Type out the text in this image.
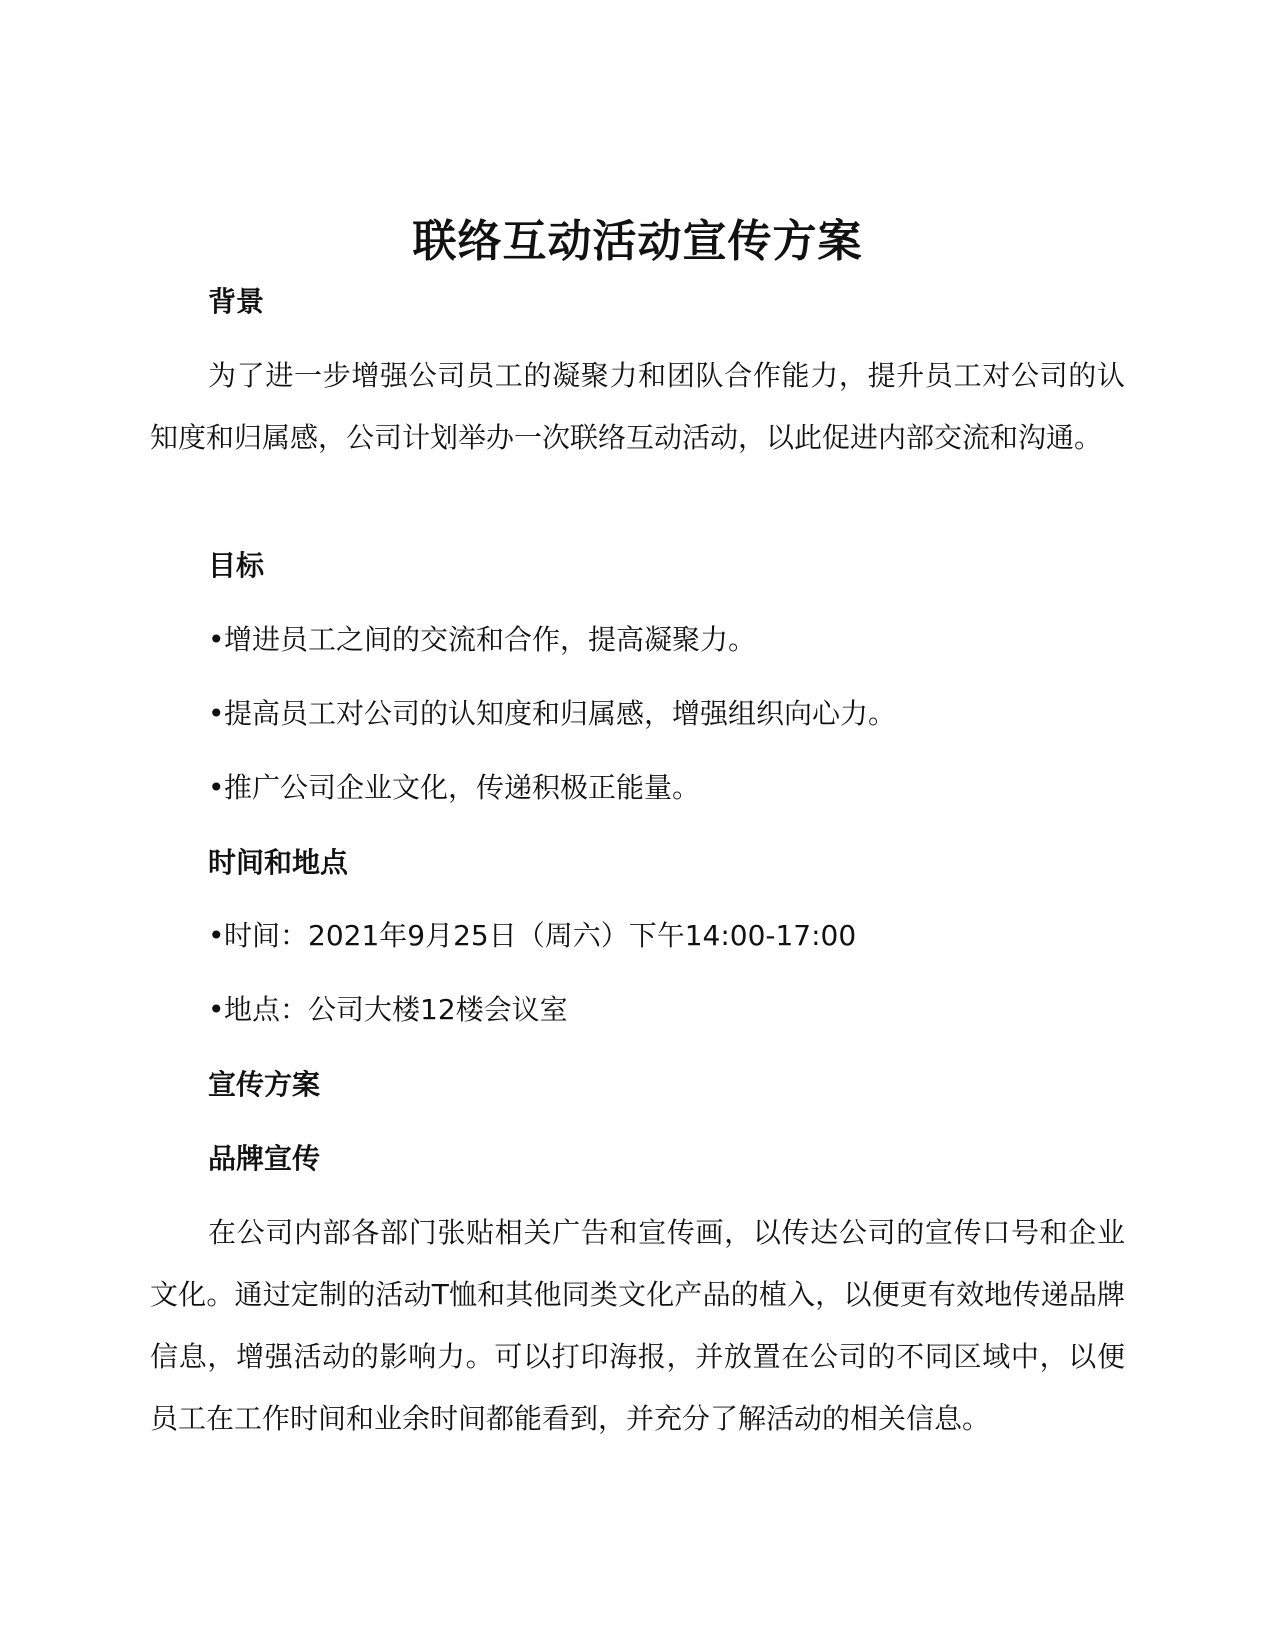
联络互动活动宣传方案
背景
为了进一步增强公司员工的凝聚力和团队合作能力，提升员工对公司的认知度和归属感，公司计划举办一次联络互动活动，以此促进内部交流和沟通。
目标
•增进员工之间的交流和合作，提高凝聚力。
•提高员工对公司的认知度和归属感，增强组织向心力。
•推广公司企业文化，传递积极正能量。
时间和地点
•时间：2021年9月25日（周六）下午14:00-17:00
•地点：公司大楼12楼会议室
宣传方案
品牌宣传
在公司内部各部门张贴相关广告和宣传画，以传达公司的宣传口号和企业文化。通过定制的活动T恤和其他同类文化产品的植入，以便更有效地传递品牌信息，增强活动的影响力。可以打印海报，并放置在公司的不同区域中，以便员工在工作时间和业余时间都能看到，并充分了解活动的相关信息。
